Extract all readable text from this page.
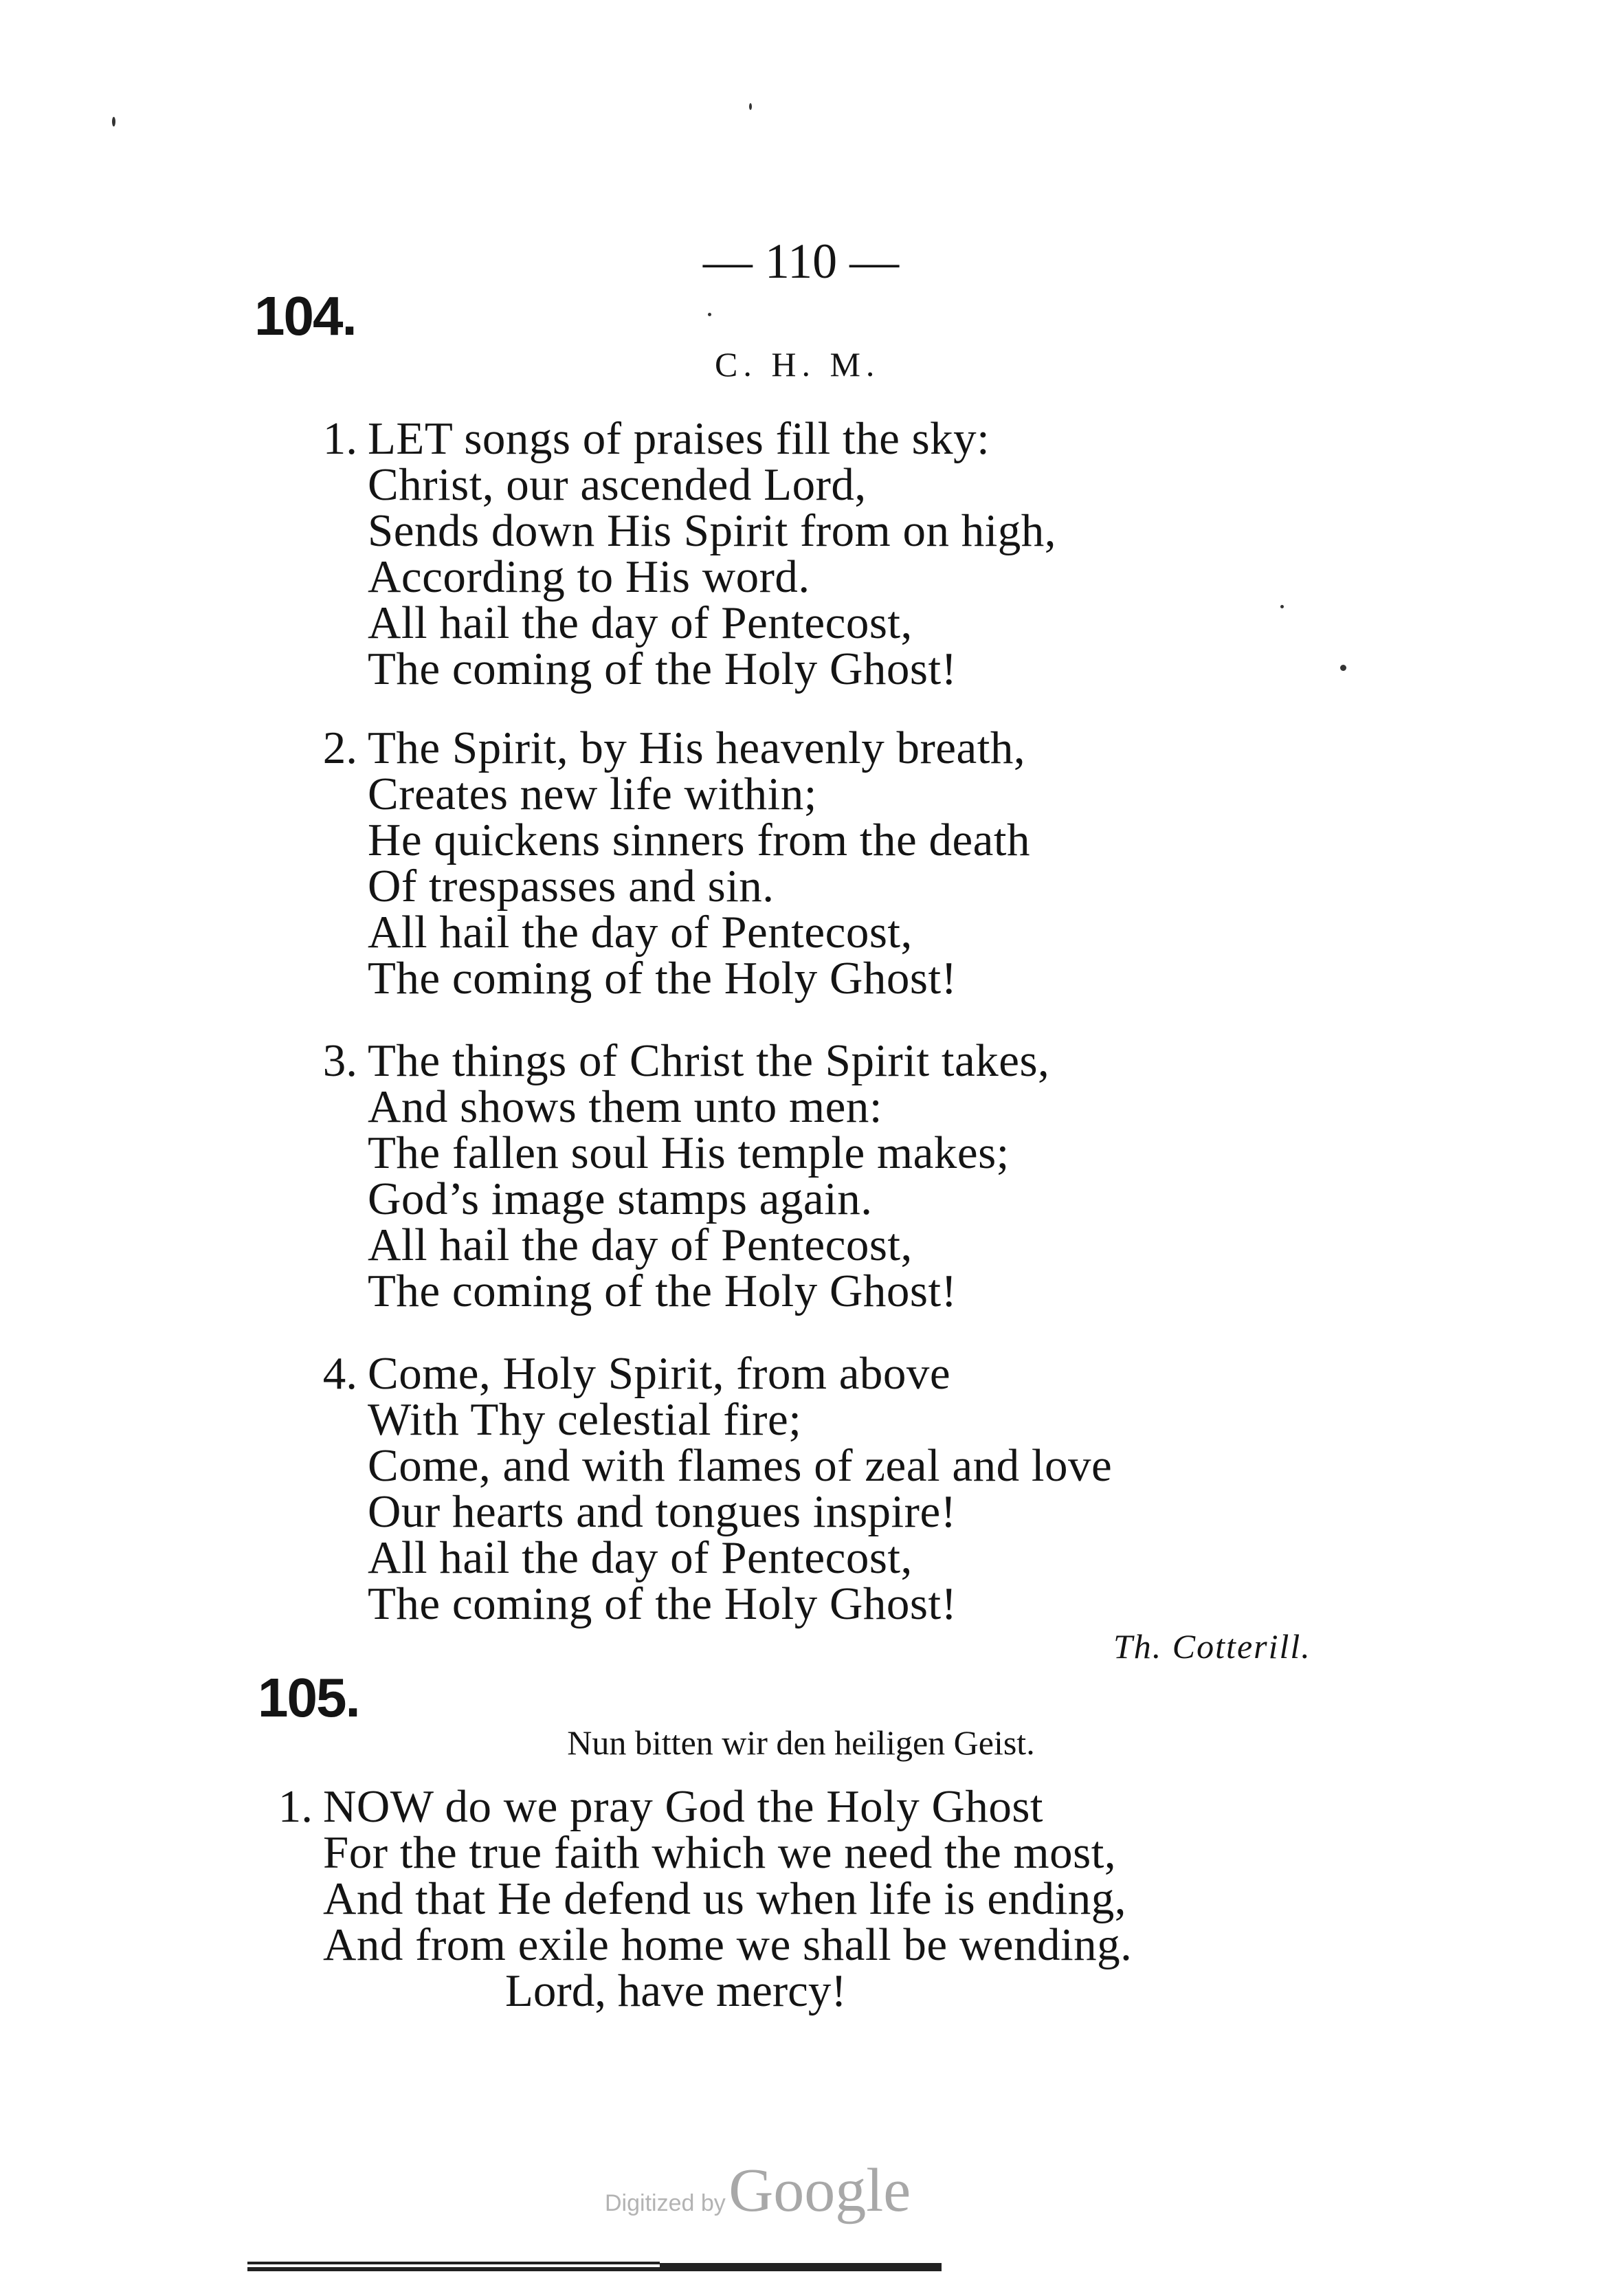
— 110 —
104.
C. H. M.
1. LET songs of praises fill the sky:
Christ, our ascended Lord,
Sends down His Spirit from on high,
According to His word.
All hail the day of Pentecost,
The coming of the Holy Ghost!
2. The Spirit, by His heavenly breath,
Creates new life within;
He quickens sinners from the death
Of trespasses and sin.
All hail the day of Pentecost,
The coming of the Holy Ghost!
3. The things of Christ the Spirit takes,
And shows them unto men:
The fallen soul His temple makes;
God’s image stamps again.
All hail the day of Pentecost,
The coming of the Holy Ghost!
4. Come, Holy Spirit, from above
With Thy celestial fire;
Come, and with flames of zeal and love
Our hearts and tongues inspire!
All hail the day of Pentecost,
The coming of the Holy Ghost!
Th. Cotterill.
105.
Nun bitten wir den heiligen Geist.
1. NOW do we pray God the Holy Ghost
For the true faith which we need the most,
And that He defend us when life is ending,
And from exile home we shall be wending.
Lord, have mercy!
Digitized by Google
